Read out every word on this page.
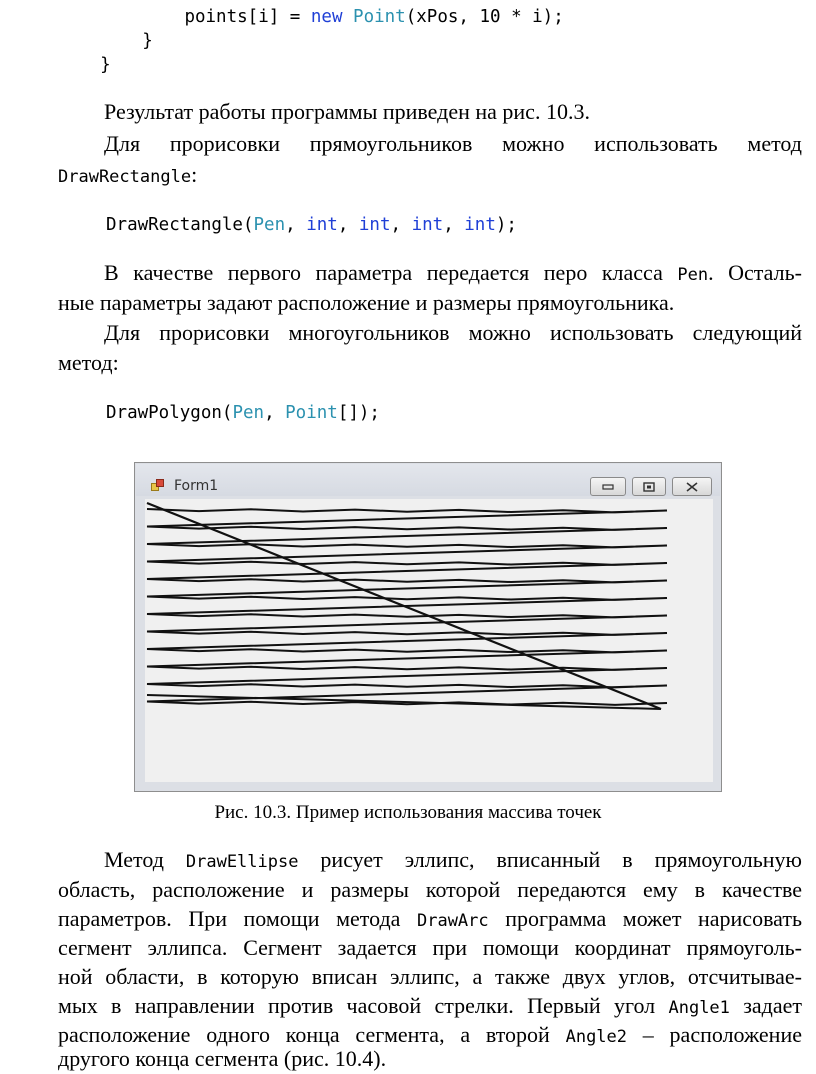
points[i] = new Point(xPos, 10 * i);
}
}
Результат работы программы приведен на рис. 10.3.
Для прорисовки прямоугольников можно использовать метод
DrawRectangle:
DrawRectangle(Pen, int, int, int, int);
В качестве первого параметра передается перо класса Pen. Осталь-
ные параметры задают расположение и размеры прямоугольника.
Для прорисовки многоугольников можно использовать следующий
метод:
DrawPolygon(Pen, Point[]);
Form1
Рис. 10.3. Пример использования массива точек
Метод DrawEllipse рисует эллипс, вписанный в прямоугольную
область, расположение и размеры которой передаются ему в качестве
параметров. При помощи метода DrawArc программа может нарисовать
сегмент эллипса. Сегмент задается при помощи координат прямоуголь-
ной области, в которую вписан эллипс, а также двух углов, отсчитывае-
мых в направлении против часовой стрелки. Первый угол Angle1 задает
расположение одного конца сегмента, а второй Angle2 – расположение
другого конца сегмента (рис. 10.4).
